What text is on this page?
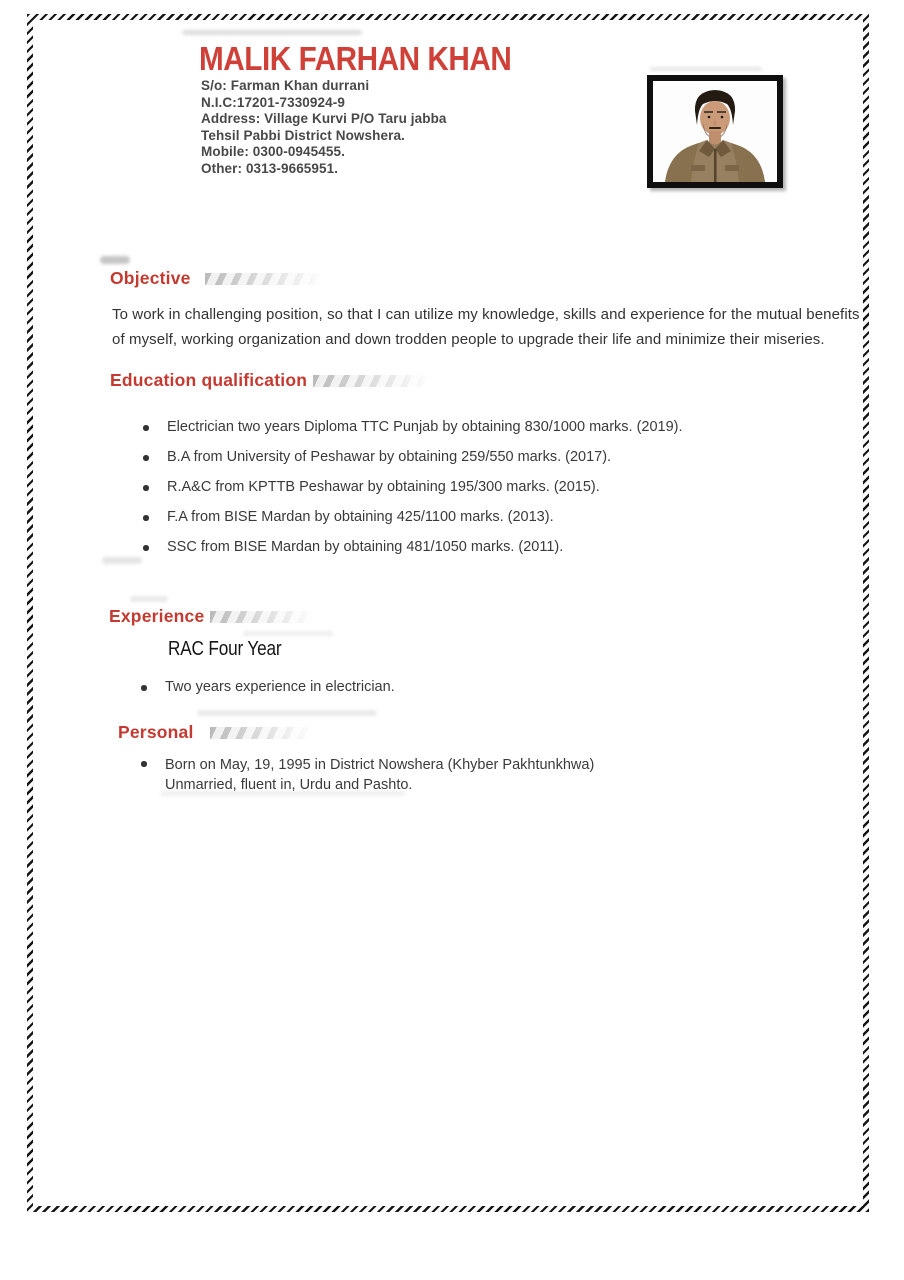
MALIK FARHAN KHAN
S/o: Farman Khan durrani
N.I.C:17201-7330924-9
Address: Village Kurvi P/O Taru jabba
Tehsil Pabbi District Nowshera.
Mobile: 0300-0945455.
Other: 0313-9665951.
Objective

To work in challenging position, so that I can utilize my knowledge, skills and experience for the mutual benefits of myself, working organization and down trodden people to upgrade their life and minimize their miseries.

Education qualification
Electrician two years Diploma TTC Punjab by obtaining 830/1000 marks. (2019).
B.A from University of Peshawar by obtaining 259/550 marks. (2017).
R.A&C from KPTTB Peshawar by obtaining 195/300 marks. (2015).
F.A from BISE Mardan by obtaining 425/1100 marks. (2013).
SSC from BISE Mardan by obtaining 481/1050 marks. (2011).
Experience

RAC Four Year

Two years experience in electrician.
Personal
Born on May, 19, 1995 in District Nowshera (Khyber Pakhtunkhwa)
Unmarried, fluent in, Urdu and Pashto.
